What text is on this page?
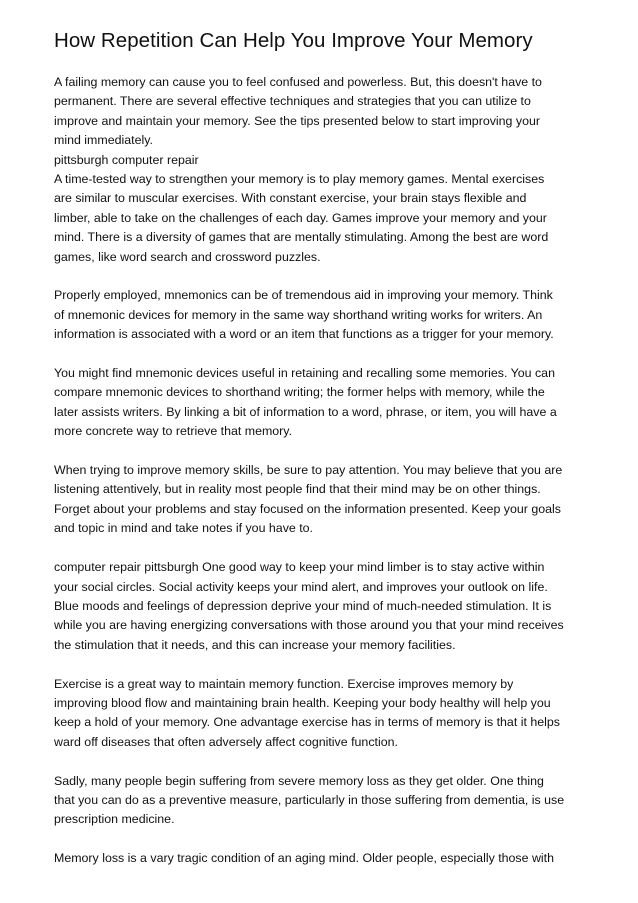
How Repetition Can Help You Improve Your Memory

A failing memory can cause you to feel confused and powerless. But, this doesn't have to
permanent. There are several effective techniques and strategies that you can utilize to
improve and maintain your memory. See the tips presented below to start improving your
mind immediately.

pittsburgh computer repair

A time-tested way to strengthen your memory is to play memory games. Mental exercises
are similar to muscular exercises. With constant exercise, your brain stays flexible and
limber, able to take on the challenges of each day. Games improve your memory and your
mind. There is a diversity of games that are mentally stimulating. Among the best are word
games, like word search and crossword puzzles.

Properly employed, mnemonics can be of tremendous aid in improving your memory. Think
of mnemonic devices for memory in the same way shorthand writing works for writers. An
information is associated with a word or an item that functions as a trigger for your memory.

You might find mnemonic devices useful in retaining and recalling some memories. You can
compare mnemonic devices to shorthand writing; the former helps with memory, while the
later assists writers. By linking a bit of information to a word, phrase, or item, you will have a
more concrete way to retrieve that memory.

When trying to improve memory skills, be sure to pay attention. You may believe that you are
listening attentively, but in reality most people find that their mind may be on other things.
Forget about your problems and stay focused on the information presented. Keep your goals
and topic in mind and take notes if you have to.

computer repair pittsburgh One good way to keep your mind limber is to stay active within
your social circles. Social activity keeps your mind alert, and improves your outlook on life.
Blue moods and feelings of depression deprive your mind of much-needed stimulation. It is
while you are having energizing conversations with those around you that your mind receives
the stimulation that it needs, and this can increase your memory facilities.

Exercise is a great way to maintain memory function. Exercise improves memory by
improving blood flow and maintaining brain health. Keeping your body healthy will help you
keep a hold of your memory. One advantage exercise has in terms of memory is that it helps
ward off diseases that often adversely affect cognitive function.

Sadly, many people begin suffering from severe memory loss as they get older. One thing
that you can do as a preventive measure, particularly in those suffering from dementia, is use
prescription medicine.

Memory loss is a vary tragic condition of an aging mind. Older people, especially those with
